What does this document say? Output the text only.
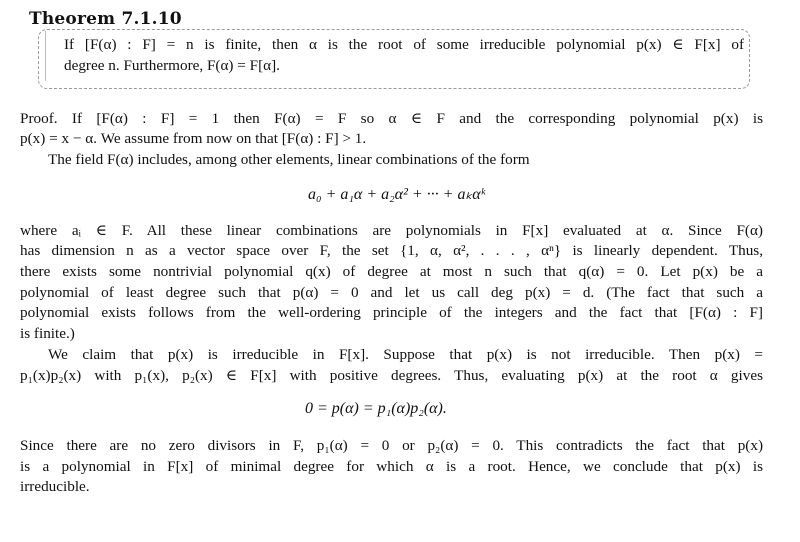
Theorem 7.1.10
If [F(α) : F] = n is finite, then α is the root of some irreducible polynomial p(x) ∈ F[x] of
degree n. Furthermore, F(α) = F[α].
Proof. If [F(α) : F] = 1 then F(α) = F so α ∈ F and the corresponding polynomial p(x) is
p(x) = x − α. We assume from now on that [F(α) : F] > 1.
The field F(α) includes, among other elements, linear combinations of the form
a₀ + a₁α + a₂α² + ··· + aₖαᵏ
where aᵢ ∈ F. All these linear combinations are polynomials in F[x] evaluated at α. Since F(α)
has dimension n as a vector space over F, the set {1, α, α², . . . , αⁿ} is linearly dependent. Thus,
there exists some nontrivial polynomial q(x) of degree at most n such that q(α) = 0. Let p(x) be a
polynomial of least degree such that p(α) = 0 and let us call deg p(x) = d. (The fact that such a
polynomial exists follows from the well-ordering principle of the integers and the fact that [F(α) : F]
is finite.)
We claim that p(x) is irreducible in F[x]. Suppose that p(x) is not irreducible. Then p(x) =
p₁(x)p₂(x) with p₁(x), p₂(x) ∈ F[x] with positive degrees. Thus, evaluating p(x) at the root α gives
0 = p(α) = p₁(α)p₂(α).
Since there are no zero divisors in F, p₁(α) = 0 or p₂(α) = 0. This contradicts the fact that p(x)
is a polynomial in F[x] of minimal degree for which α is a root. Hence, we conclude that p(x) is
irreducible.
